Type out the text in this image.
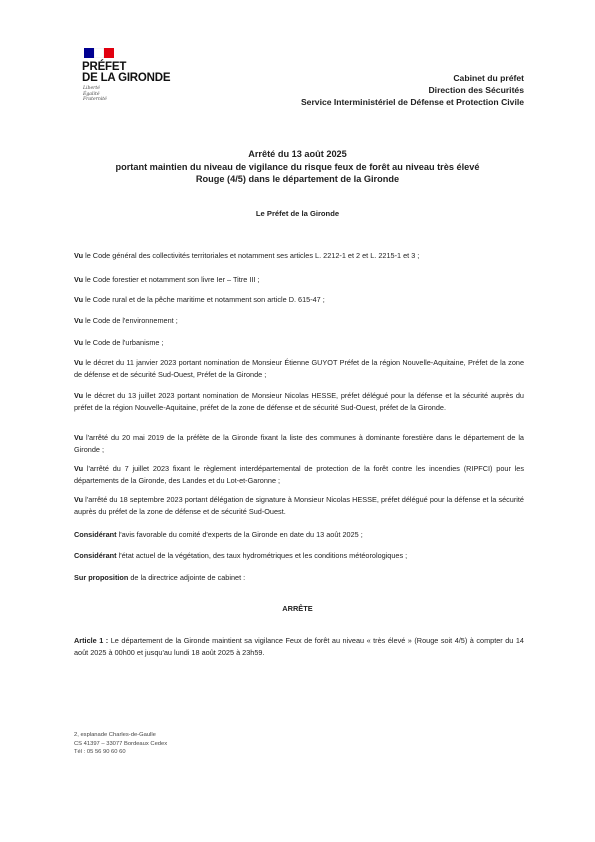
PRÉFET
DE LA GIRONDE
Liberté
Égalité
Fraternité
Cabinet du préfet
Direction des Sécurités
Service Interministériel de Défense et Protection Civile
Arrêté du 13 août 2025
portant maintien du niveau de vigilance du risque feux de forêt au niveau très élevé
Rouge (4/5) dans le département de la Gironde
Le Préfet de la Gironde
Vu le Code général des collectivités territoriales et notamment ses articles L. 2212-1 et 2 et L. 2215-1 et 3 ;
Vu le Code forestier et notamment son livre Ier – Titre III ;
Vu le Code rural et de la pêche maritime et notamment son article D. 615-47 ;
Vu le Code de l'environnement ;
Vu le Code de l'urbanisme ;
Vu le décret du 11 janvier 2023 portant nomination de Monsieur Étienne GUYOT Préfet de la région Nouvelle-Aquitaine, Préfet de la zone de défense et de sécurité Sud-Ouest, Préfet de la Gironde ;
Vu le décret du 13 juillet 2023 portant nomination de Monsieur Nicolas HESSE, préfet délégué pour la défense et la sécurité auprès du préfet de la région Nouvelle-Aquitaine, préfet de la zone de défense et de sécurité Sud-Ouest, préfet de la Gironde.
Vu l'arrêté du 20 mai 2019 de la préfète de la Gironde fixant la liste des communes à dominante forestière dans le département de la Gironde ;
Vu l'arrêté du 7 juillet 2023 fixant le règlement interdépartemental de protection de la forêt contre les incendies (RIPFCI) pour les départements de la Gironde, des Landes et du Lot-et-Garonne ;
Vu l'arrêté du 18 septembre 2023 portant délégation de signature à Monsieur Nicolas HESSE, préfet délégué pour la défense et la sécurité auprès du préfet de la zone de défense et de sécurité Sud-Ouest.
Considérant l'avis favorable du comité d'experts de la Gironde en date du 13 août 2025 ;
Considérant l'état actuel de la végétation, des taux hydrométriques et les conditions météorologiques ;
Sur proposition de la directrice adjointe de cabinet :
ARRÊTE
Article 1 : Le département de la Gironde maintient sa vigilance Feux de forêt au niveau « très élevé » (Rouge soit 4/5) à compter du 14 août 2025 à 00h00 et jusqu'au lundi 18 août 2025 à 23h59.
2, esplanade Charles-de-Gaulle
CS 41397 – 33077 Bordeaux Cedex
Tél : 05 56 90 60 60
